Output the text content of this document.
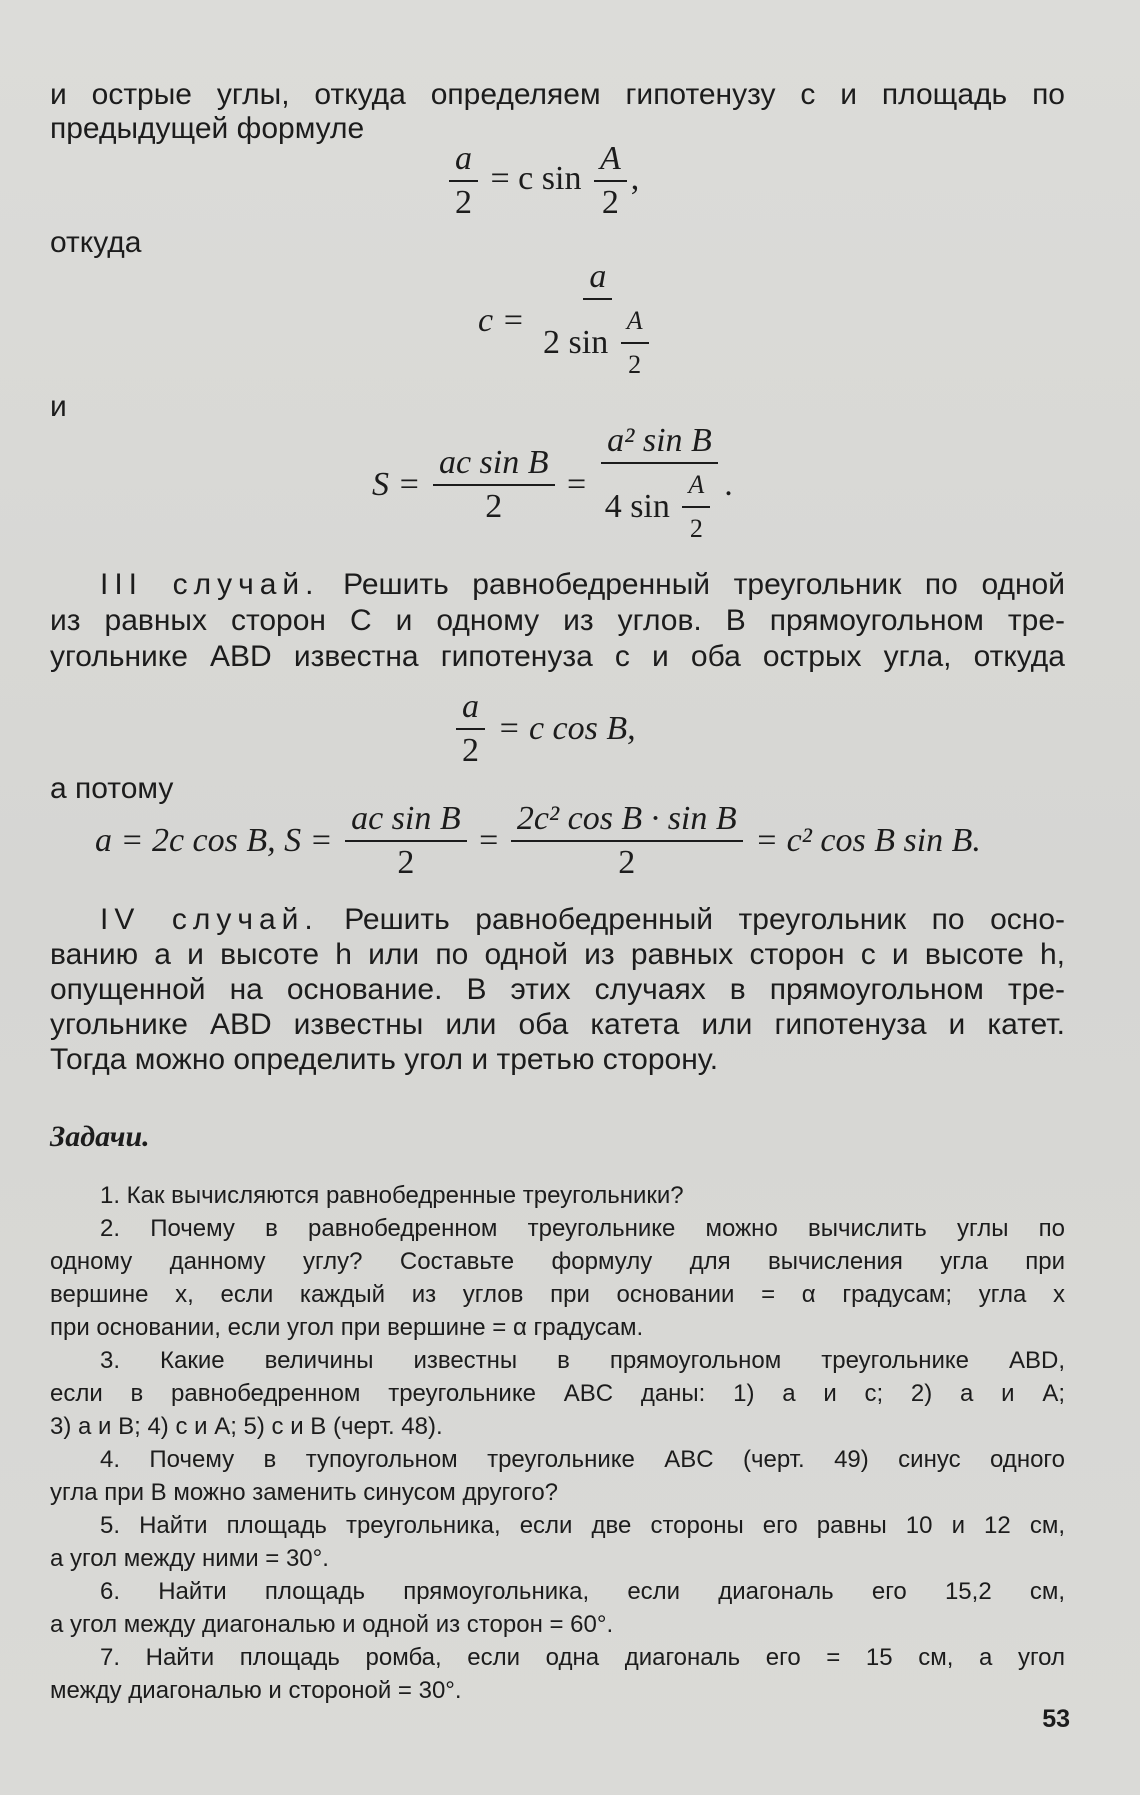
и острые углы, откуда определяем гипотенузу c и площадь по
предыдущей формуле
$\frac{a}{2} = c$ $\sin \frac{A}{2}$ ,
откуда
$c = \frac{a}{2 \sin \frac{A}{2}}$
и
$S = \frac{\text{ac sin B}}{2} = \frac{\text{a² sin B}}{4 \sin \frac{A}{2}}$ .
III случай. Решить равнобедренный треугольник по одной
из равных сторон C и одному из углов. В прямоугольном тре-
угольнике ABD известна гипотенуза c и оба острых угла, откуда
$\frac{a}{2} = c$ cos B,
а потому
a = 2c cos B, $S = \frac{\text{ac sin B}}{2} = \frac{\text{2c² cos B · sin B}}{2} = c^2$ cos B sin B.
IV случай. Решить равнобедренный треугольник по осно-
ванию a и высоте h или по одной из равных сторон c и высоте h,
опущенной на основание. В этих случаях в прямоугольном тре-
угольнике ABD известны или оба катета или гипотенуза и катет.
Тогда можно определить угол и третью сторону.
Задачи.
1. Как вычисляются равнобедренные треугольники?
2. Почему в равнобедренном треугольнике можно вычислить углы по
одному данному углу? Составьте формулу для вычисления угла при
вершине x, если каждый из углов при основании = α градусам; угла x
при основании, если угол при вершине = α градусам.
3. Какие величины известны в прямоугольном треугольнике ABD,
если в равнобедренном треугольнике ABC даны: 1) a и c; 2) a и A;
3) a и B; 4) c и A; 5) c и B (черт. 48).
4. Почему в тупоугольном треугольнике ABC (черт. 49) синус одного
угла при B можно заменить синусом другого?
5. Найти площадь треугольника, если две стороны его равны 10 и 12 см,
а угол между ними = 30°.
6. Найти площадь прямоугольника, если диагональ его 15,2 см,
а угол между диагональю и одной из сторон = 60°.
7. Найти площадь ромба, если одна диагональ его = 15 см, а угол
между диагональю и стороной = 30°.
53
